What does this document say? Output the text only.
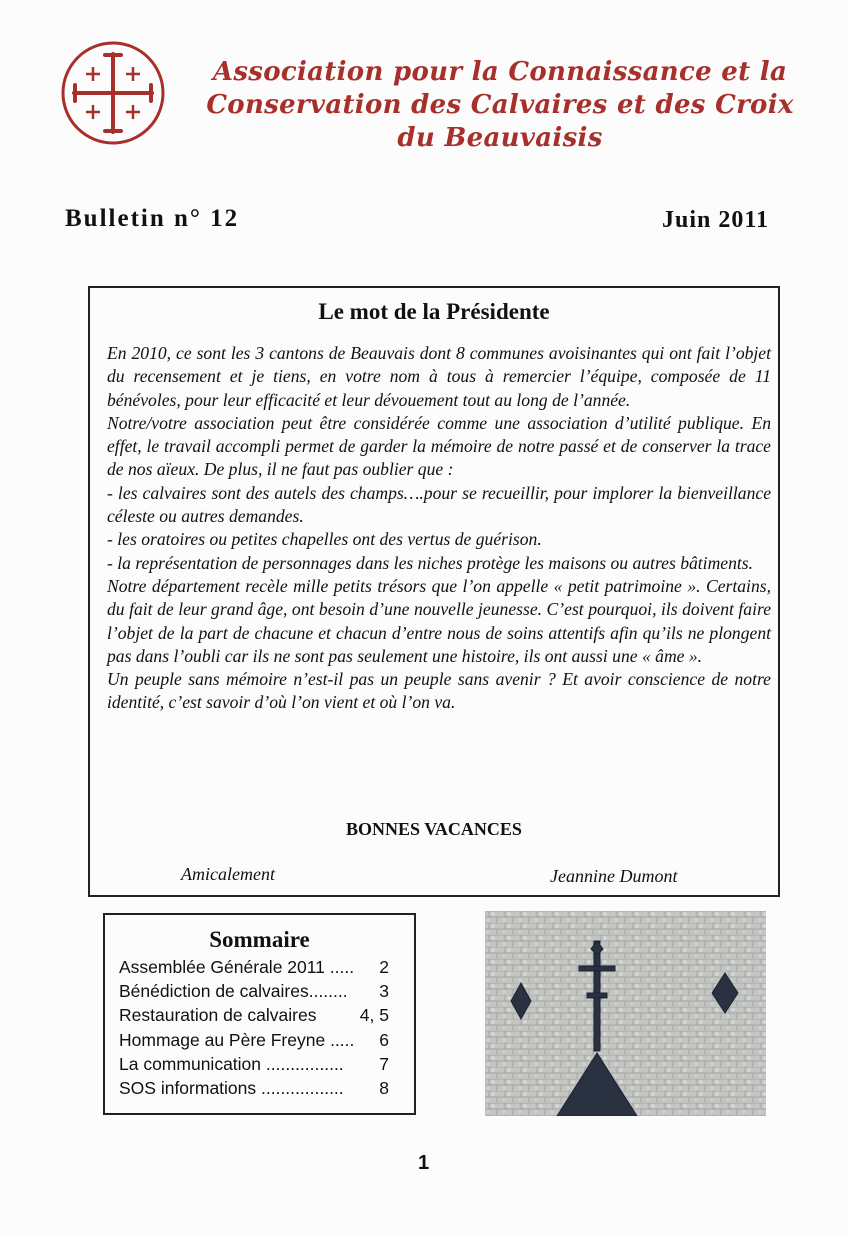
Association pour la Connaissance et la
Conservation des Calvaires et des Croix
du Beauvaisis
Bulletin n° 12	Juin 2011
Le mot de la Présidente

En 2010, ce sont les 3 cantons de Beauvais dont 8 communes avoisinantes qui ont fait l’objet du recensement et je tiens, en votre nom à tous à remercier l’équipe, composée de 11 bénévoles, pour leur efficacité et leur dévouement tout au long de l’année.

Notre/votre association peut être considérée comme une association d’utilité publique. En effet, le travail accompli permet de garder la mémoire de notre passé et de conserver la trace de nos aïeux. De plus, il ne faut pas oublier que :

- les calvaires sont des autels des champs….pour se recueillir, pour implorer la bienveillance céleste ou autres demandes.

- les oratoires ou petites chapelles ont des vertus de guérison.

- la représentation de personnages dans les niches protège les maisons ou autres bâtiments.

Notre département recèle mille petits trésors que l’on appelle « petit patrimoine ». Certains, du fait de leur grand âge, ont besoin d’une nouvelle jeunesse. C’est pourquoi, ils doivent faire l’objet de la part de chacune et chacun d’entre nous de soins attentifs afin qu’ils ne plongent pas dans l’oubli car ils ne sont pas seulement une histoire, ils ont aussi une « âme ».

Un peuple sans mémoire n’est-il pas un peuple sans avenir ? Et avoir conscience de notre identité, c’est savoir d’où l’on vient et où l’on va.

BONNES VACANCES
Amicalement	Jeannine Dumont
Sommaire
Assemblée Générale 2011 ..... 2
Bénédiction de calvaires........ 3
Restauration de calvaires 4, 5
Hommage au Père Freyne ..... 6
La communication ................ 7
SOS informations ................. 8
1
